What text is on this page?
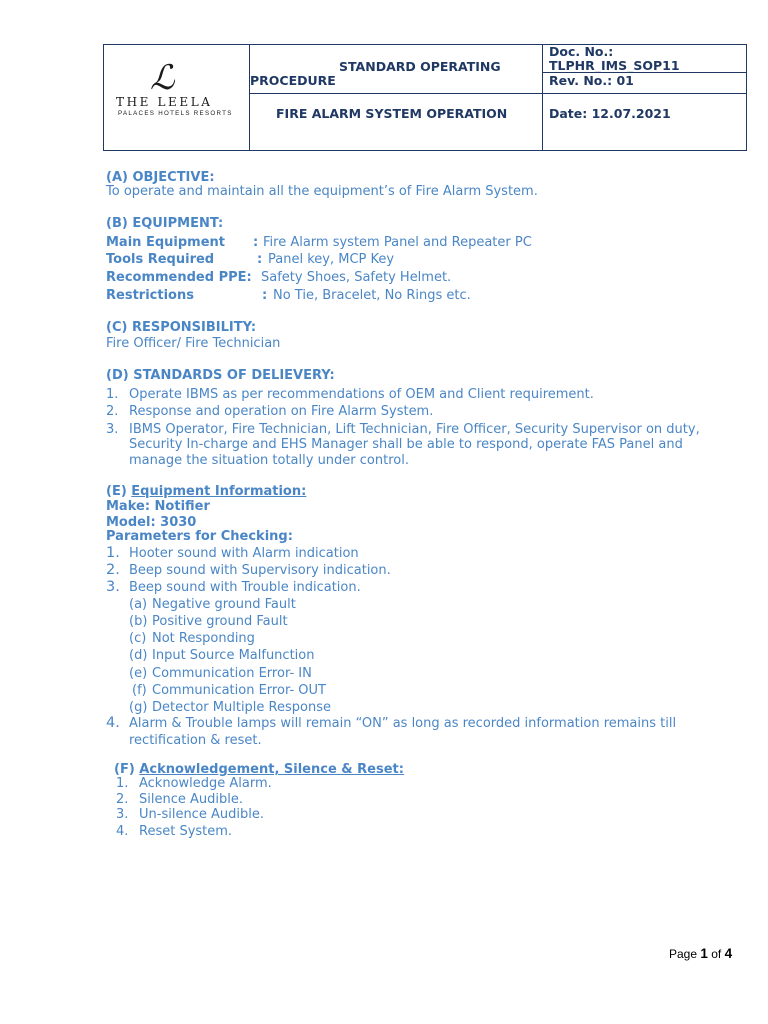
ℒ
THE LEELA
PALACES HOTELS RESORTS
STANDARD OPERATING
PROCEDURE
FIRE ALARM SYSTEM OPERATION
Doc. No.:
TLPHR_IMS_SOP11
Rev. No.: 01
Date: 12.07.2021
(A) OBJECTIVE:
To operate and maintain all the equipment’s of Fire Alarm System.
(B) EQUIPMENT:
Main Equipment : Fire Alarm system Panel and Repeater PC
Tools Required	: Panel key, MCP Key
Recommended PPE: Safety Shoes, Safety Helmet.
Restrictions	: No Tie, Bracelet, No Rings etc.
(C) RESPONSIBILITY:
Fire Officer/ Fire Technician
(D) STANDARDS OF DELIEVERY:
1. Operate IBMS as per recommendations of OEM and Client requirement.
2. Response and operation on Fire Alarm System.
3. IBMS Operator, Fire Technician, Lift Technician, Fire Officer, Security Supervisor on duty,
Security In-charge and EHS Manager shall be able to respond, operate FAS Panel and
manage the situation totally under control.
(E) Equipment Information:
Make: Notifier
Model: 3030
Parameters for Checking:
1. Hooter sound with Alarm indication
2. Beep sound with Supervisory indication.
3. Beep sound with Trouble indication.
(a) Negative ground Fault
(b) Positive ground Fault
(c) Not Responding
(d) Input Source Malfunction
(e) Communication Error- IN
(f) Communication Error- OUT
(g) Detector Multiple Response
4. Alarm & Trouble lamps will remain “ON” as long as recorded information remains till
rectification & reset.
(F) Acknowledgement, Silence & Reset:
1. Acknowledge Alarm.
2. Silence Audible.
3. Un-silence Audible.
4. Reset System.
Page 1 of 4
